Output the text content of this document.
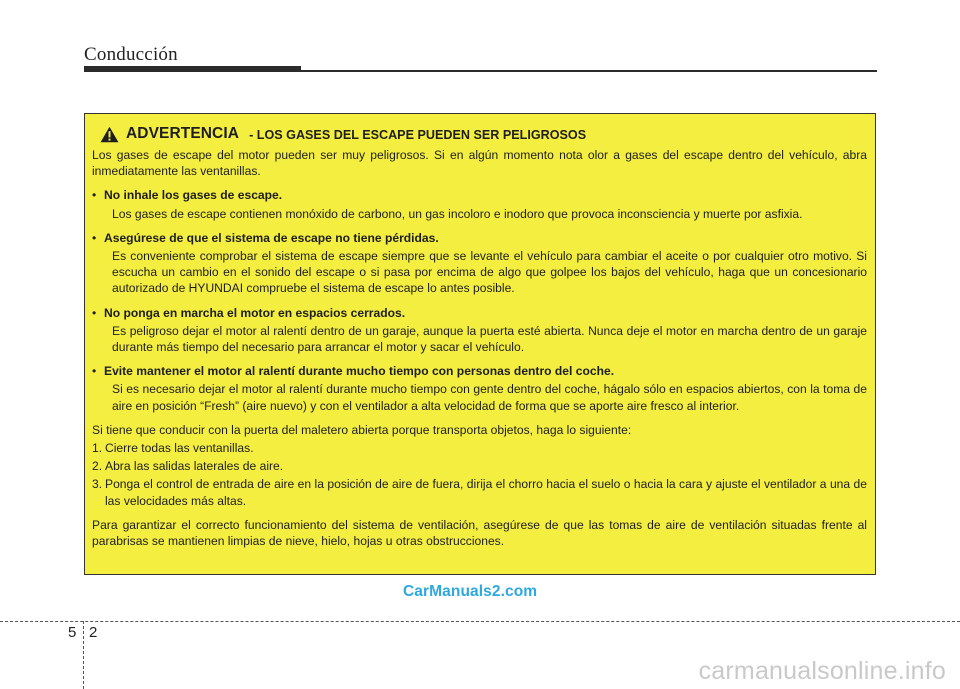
Conducción
ADVERTENCIA - LOS GASES DEL ESCAPE PUEDEN SER PELIGROSOS

Los gases de escape del motor pueden ser muy peligrosos. Si en algún momento nota olor a gases del escape dentro del vehículo, abra inmediatamente las ventanillas.

• No inhale los gases de escape.
Los gases de escape contienen monóxido de carbono, un gas incoloro e inodoro que provoca inconsciencia y muerte por asfixia.
• Asegúrese de que el sistema de escape no tiene pérdidas.
Es conveniente comprobar el sistema de escape siempre que se levante el vehículo para cambiar el aceite o por cualquier otro motivo. Si escucha un cambio en el sonido del escape o si pasa por encima de algo que golpee los bajos del vehículo, haga que un concesionario autorizado de HYUNDAI compruebe el sistema de escape lo antes posible.
• No ponga en marcha el motor en espacios cerrados.
Es peligroso dejar el motor al ralentí dentro de un garaje, aunque la puerta esté abierta. Nunca deje el motor en marcha dentro de un garaje durante más tiempo del necesario para arrancar el motor y sacar el vehículo.
• Evite mantener el motor al ralentí durante mucho tiempo con personas dentro del coche.
Si es necesario dejar el motor al ralentí durante mucho tiempo con gente dentro del coche, hágalo sólo en espacios abiertos, con la toma de aire en posición “Fresh” (aire nuevo) y con el ventilador a alta velocidad de forma que se aporte aire fresco al interior.

Si tiene que conducir con la puerta del maletero abierta porque transporta objetos, haga lo siguiente:

1. Cierre todas las ventanillas.
2. Abra las salidas laterales de aire.
3. Ponga el control de entrada de aire en la posición de aire de fuera, dirija el chorro hacia el suelo o hacia la cara y ajuste el ventilador a una de las velocidades más altas.

Para garantizar el correcto funcionamiento del sistema de ventilación, asegúrese de que las tomas de aire de ventilación situadas frente al parabrisas se mantienen limpias de nieve, hielo, hojas u otras obstrucciones.

CarManuals2.com
5 2
carmanualsonline.info
